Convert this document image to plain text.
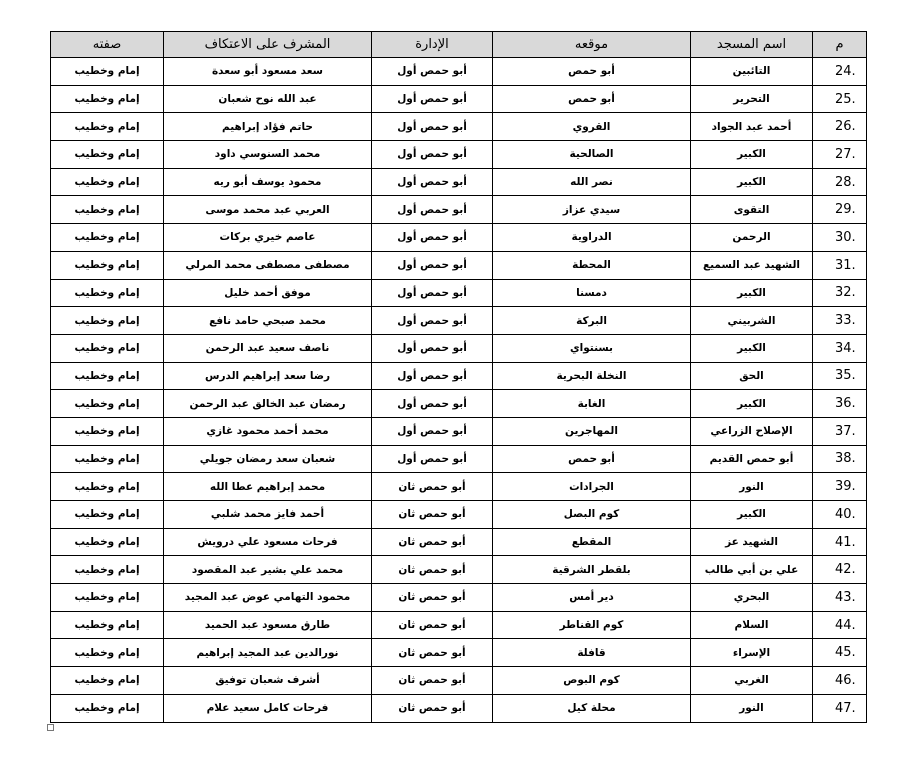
م	اسم المسجد	موقعه	الإدارة	المشرف على الاعتكاف	صفته
24.	التائبين	أبو حمص	أبو حمص أول	سعد مسعود أبو سعدة	إمام وخطيب
25.	التحرير	أبو حمص	أبو حمص أول	عبد الله نوح شعبان	إمام وخطيب
26.	أحمد عبد الجواد	القروي	أبو حمص أول	حاتم فؤاد إبراهيم	إمام وخطيب
27.	الكبير	الصالحية	أبو حمص أول	محمد السنوسي داود	إمام وخطيب
28.	الكبير	نصر الله	أبو حمص أول	محمود يوسف أبو ريه	إمام وخطيب
29.	التقوى	سيدي عزاز	أبو حمص أول	العربي عبد محمد موسى	إمام وخطيب
30.	الرحمن	الدراوية	أبو حمص أول	عاصم خيري بركات	إمام وخطيب
31.	الشهيد عبد السميع	المحطة	أبو حمص أول	مصطفى مصطفى محمد المرلي	إمام وخطيب
32.	الكبير	دمسنا	أبو حمص أول	موفق أحمد خليل	إمام وخطيب
33.	الشربيني	البركة	أبو حمص أول	محمد صبحي حامد نافع	إمام وخطيب
34.	الكبير	بسنتواي	أبو حمص أول	ناصف سعيد عبد الرحمن	إمام وخطيب
35.	الحق	النخلة البحرية	أبو حمص أول	رضا سعد إبراهيم الدرس	إمام وخطيب
36.	الكبير	الغابة	أبو حمص أول	رمضان عبد الخالق عبد الرحمن	إمام وخطيب
37.	الإصلاح الزراعي	المهاجرين	أبو حمص أول	محمد أحمد محمود غازي	إمام وخطيب
38.	أبو حمص القديم	أبو حمص	أبو حمص أول	شعبان سعد رمضان جويلي	إمام وخطيب
39.	النور	الجرادات	أبو حمص ثان	محمد إبراهيم عطا الله	إمام وخطيب
40.	الكبير	كوم البصل	أبو حمص ثان	أحمد فايز محمد شلبي	إمام وخطيب
41.	الشهيد عز	المقطع	أبو حمص ثان	فرحات مسعود علي درويش	إمام وخطيب
42.	علي بن أبي طالب	بلقطر الشرقية	أبو حمص ثان	محمد علي بشير عبد المقصود	إمام وخطيب
43.	البحري	دير أمس	أبو حمص ثان	محمود التهامي عوض عبد المجيد	إمام وخطيب
44.	السلام	كوم القناطر	أبو حمص ثان	طارق مسعود عبد الحميد	إمام وخطيب
45.	الإسراء	قافلة	أبو حمص ثان	نورالدين عبد المجيد إبراهيم	إمام وخطيب
46.	الغربي	كوم البوص	أبو حمص ثان	أشرف شعبان توفيق	إمام وخطيب
47.	النور	محلة كيل	أبو حمص ثان	فرحات كامل سعيد علام	إمام وخطيب
